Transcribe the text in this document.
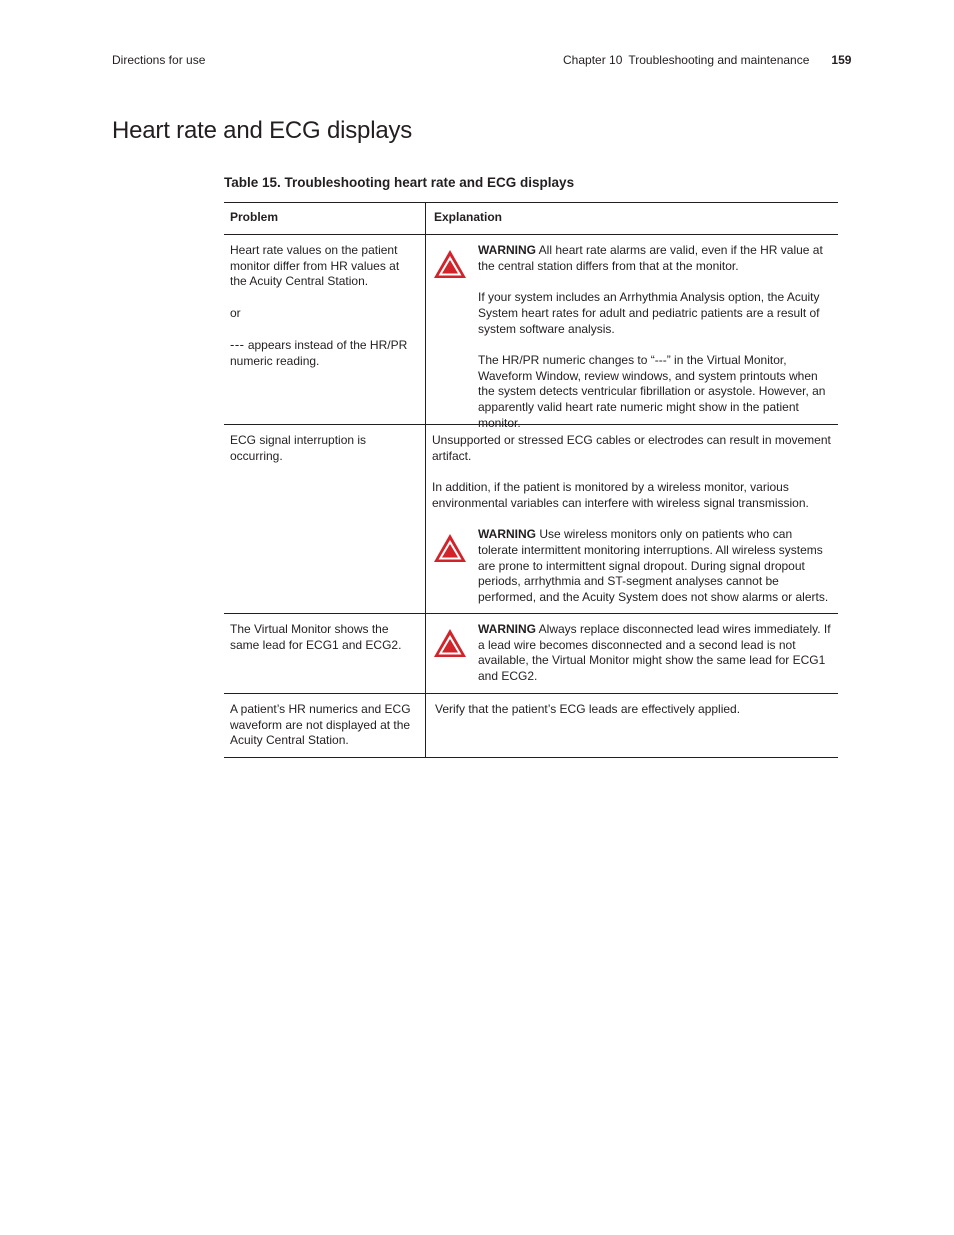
Directions for use	Chapter 10 Troubleshooting and maintenance 159
Heart rate and ECG displays

Table 15. Troubleshooting heart rate and ECG displays

Problem	Explanation

Heart rate values on the patient monitor differ from HR values at the Acuity Central Station.

or

--- appears instead of the HR/PR numeric reading.

WARNING All heart rate alarms are valid, even if the HR value at the central station differs from that at the monitor.

If your system includes an Arrhythmia Analysis option, the Acuity System heart rates for adult and pediatric patients are a result of system software analysis.

The HR/PR numeric changes to “---” in the Virtual Monitor, Waveform Window, review windows, and system printouts when the system detects ventricular fibrillation or asystole. However, an apparently valid heart rate numeric might show in the patient monitor.

ECG signal interruption is occurring.

Unsupported or stressed ECG cables or electrodes can result in movement artifact.

In addition, if the patient is monitored by a wireless monitor, various environmental variables can interfere with wireless signal transmission.

WARNING Use wireless monitors only on patients who can tolerate intermittent monitoring interruptions. All wireless systems are prone to intermittent signal dropout. During signal dropout periods, arrhythmia and ST-segment analyses cannot be performed, and the Acuity System does not show alarms or alerts.

The Virtual Monitor shows the same lead for ECG1 and ECG2.

WARNING Always replace disconnected lead wires immediately. If a lead wire becomes disconnected and a second lead is not available, the Virtual Monitor might show the same lead for ECG1 and ECG2.

A patient’s HR numerics and ECG waveform are not displayed at the Acuity Central Station.

Verify that the patient’s ECG leads are effectively applied.
